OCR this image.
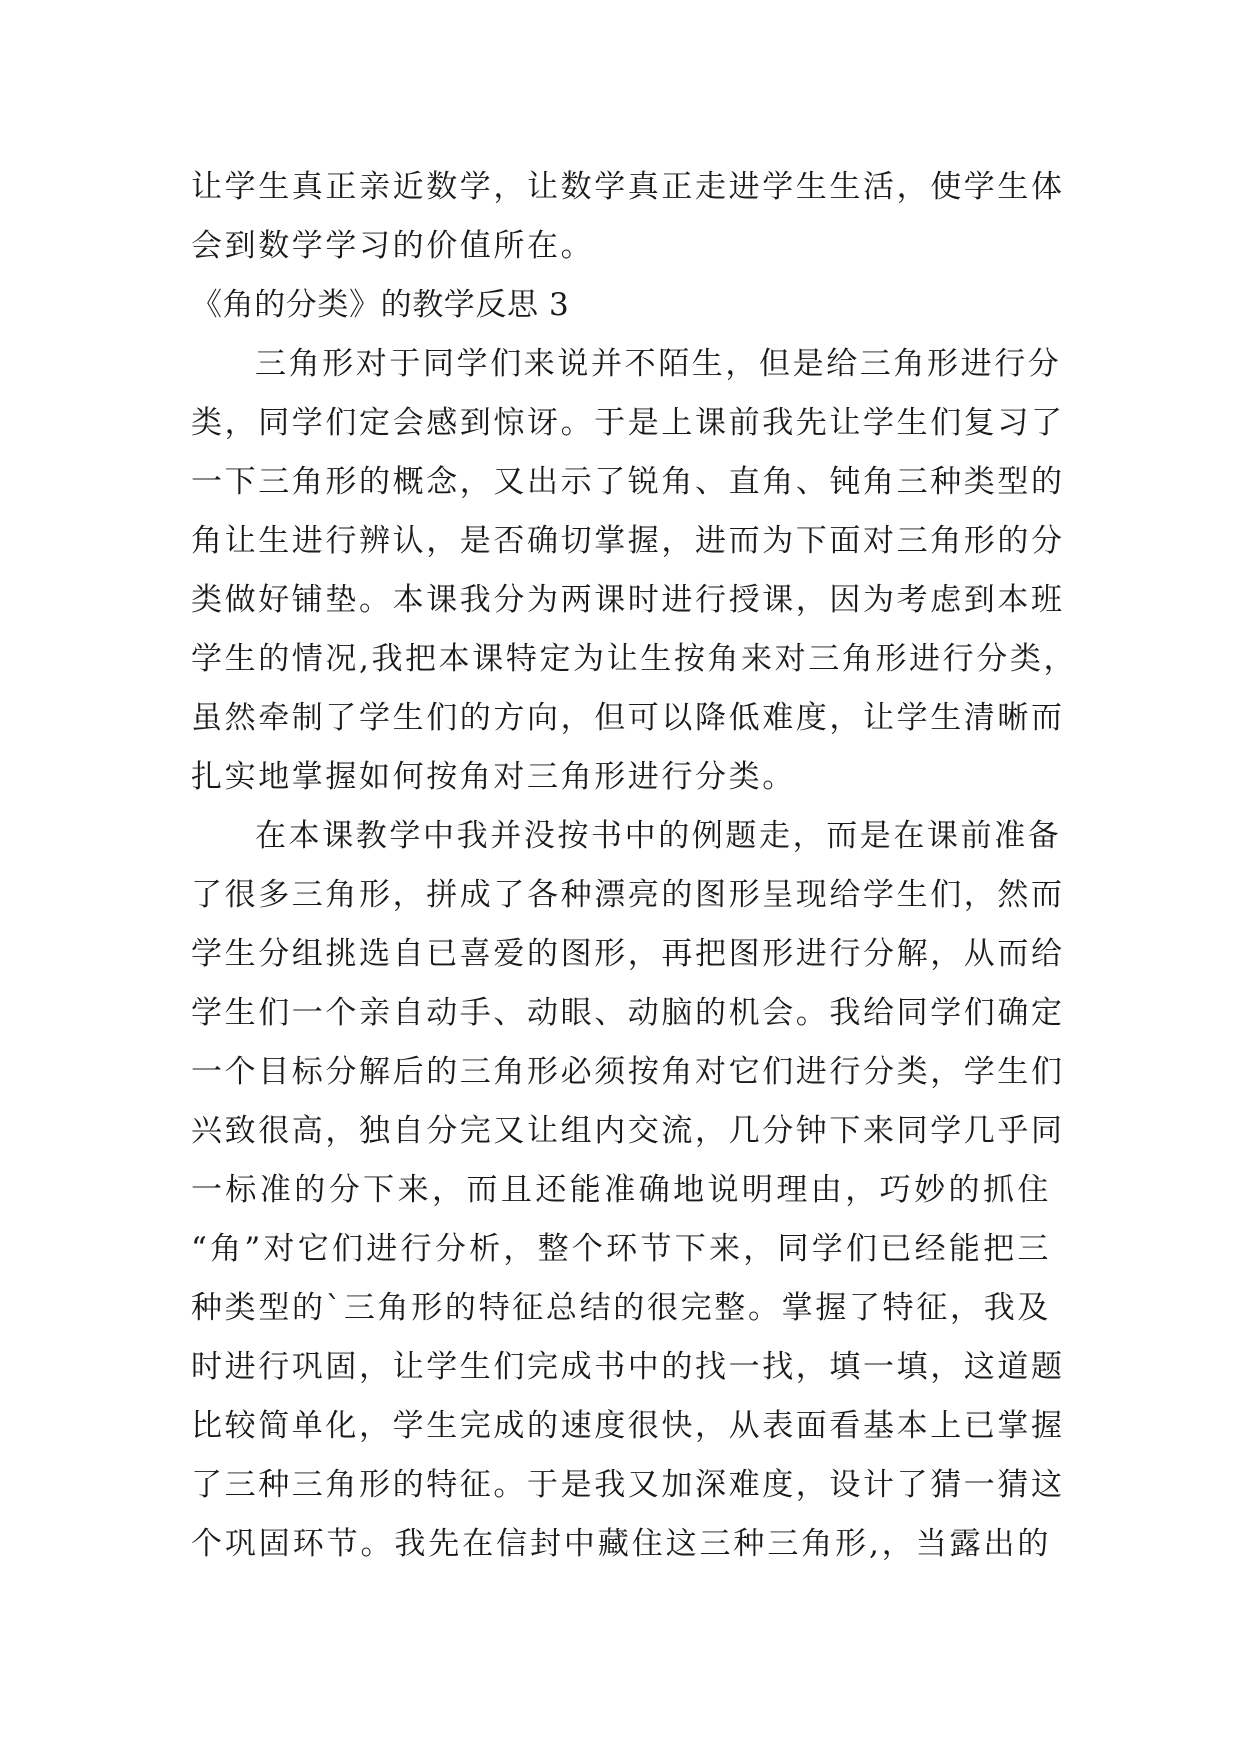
让学生真正亲近数学，让数学真正走进学生生活，使学生体
会到数学学习的价值所在。
《角的分类》的教学反思 3
三角形对于同学们来说并不陌生，但是给三角形进行分
类，同学们定会感到惊讶。于是上课前我先让学生们复习了
一下三角形的概念，又出示了锐角、直角、钝角三种类型的
角让生进行辨认，是否确切掌握，进而为下面对三角形的分
类做好铺垫。本课我分为两课时进行授课，因为考虑到本班
学生的情况,我把本课特定为让生按角来对三角形进行分类，
虽然牵制了学生们的方向，但可以降低难度，让学生清晰而
扎实地掌握如何按角对三角形进行分类。
在本课教学中我并没按书中的例题走，而是在课前准备
了很多三角形，拼成了各种漂亮的图形呈现给学生们，然而
学生分组挑选自已喜爱的图形，再把图形进行分解，从而给
学生们一个亲自动手、动眼、动脑的机会。我给同学们确定
一个目标分解后的三角形必须按角对它们进行分类，学生们
兴致很高，独自分完又让组内交流，几分钟下来同学几乎同
一标准的分下来，而且还能准确地说明理由，巧妙的抓住
“角”对它们进行分析，整个环节下来，同学们已经能把三
种类型的`三角形的特征总结的很完整。掌握了特征，我及
时进行巩固，让学生们完成书中的找一找，填一填，这道题
比较简单化，学生完成的速度很快，从表面看基本上已掌握
了三种三角形的特征。于是我又加深难度，设计了猜一猜这
个巩固环节。我先在信封中藏住这三种三角形,，当露出的
